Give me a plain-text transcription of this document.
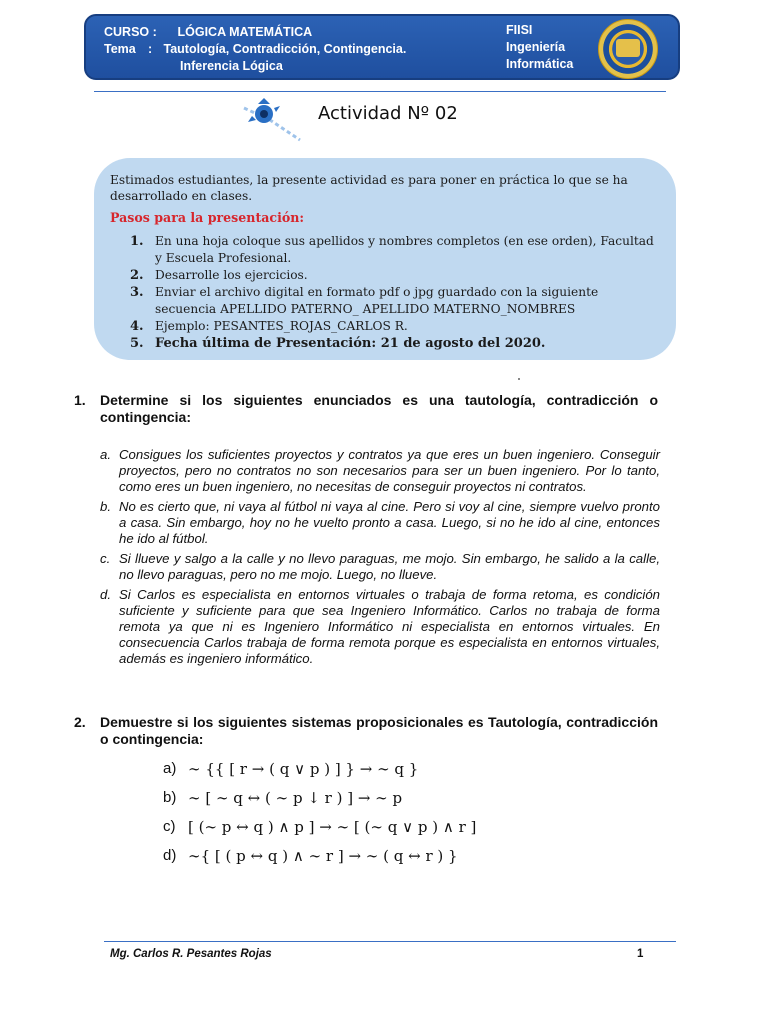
CURSO : LÓGICA MATEMÁTICA
Tema : Tautología, Contradicción, Contingencia.
Inferencia Lógica
FIISI
Ingeniería
Informática
Actividad Nº 02
Estimados estudiantes, la presente actividad es para poner en práctica lo que se ha desarrollado en clases.
Pasos para la presentación:
1. En una hoja coloque sus apellidos y nombres completos (en ese orden), Facultad y Escuela Profesional.
2. Desarrolle los ejercicios.
3. Enviar el archivo digital en formato pdf o jpg guardado con la siguiente secuencia APELLIDO PATERNO_ APELLIDO MATERNO_NOMBRES
4. Ejemplo: PESANTES_ROJAS_CARLOS R.
5. Fecha última de Presentación: 21 de agosto del 2020.
1. Determine si los siguientes enunciados es una tautología, contradicción o contingencia:
a. Consigues los suficientes proyectos y contratos ya que eres un buen ingeniero. Conseguir proyectos, pero no contratos no son necesarios para ser un buen ingeniero. Por lo tanto, como eres un buen ingeniero, no necesitas de conseguir proyectos ni contratos.
b. No es cierto que, ni vaya al fútbol ni vaya al cine. Pero si voy al cine, siempre vuelvo pronto a casa. Sin embargo, hoy no he vuelto pronto a casa. Luego, si no he ido al cine, entonces he ido al fútbol.
c. Si llueve y salgo a la calle y no llevo paraguas, me mojo. Sin embargo, he salido a la calle, no llevo paraguas, pero no me mojo. Luego, no llueve.
d. Si Carlos es especialista en entornos virtuales o trabaja de forma retoma, es condición suficiente y suficiente para que sea Ingeniero Informático. Carlos no trabaja de forma remota ya que ni es Ingeniero Informático ni especialista en entornos virtuales. En consecuencia Carlos trabaja de forma remota porque es especialista en entornos virtuales, además es ingeniero informático.
2. Demuestre si los siguientes sistemas proposicionales es Tautología, contradicción o contingencia:
a) ∼ {{ [ r → ( q ∨ p ) ] } → ∼ q }
b) ∼ [ ∼ q ↔ ( ∼ p ↓ r ) ] → ∼ p
c) [ (∼ p ↔ q ) ∧ p ] → ∼ [ (∼ q ∨ p ) ∧ r ]
d) ∼{ [ ( p ↔ q ) ∧ ∼ r ] → ∼ ( q ↔ r ) }
Mg. Carlos R. Pesantes Rojas	1
